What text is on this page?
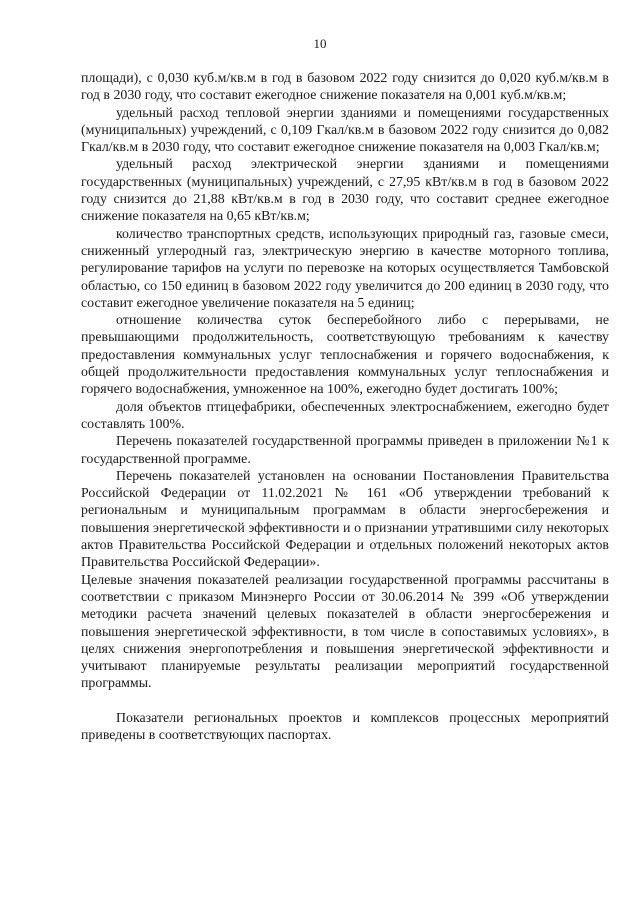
10

площади), с 0,030 куб.м/кв.м в год в базовом 2022 году снизится до 0,020 куб.м/кв.м в год в 2030 году, что составит ежегодное снижение показателя на 0,001 куб.м/кв.м;

удельный расход тепловой энергии зданиями и помещениями государственных (муниципальных) учреждений, с 0,109 Гкал/кв.м в базовом 2022 году снизится до 0,082 Гкал/кв.м в 2030 году, что составит ежегодное снижение показателя на 0,003 Гкал/кв.м;

удельный расход электрической энергии зданиями и помещениями государственных (муниципальных) учреждений, с 27,95 кВт/кв.м в год в базовом 2022 году снизится до 21,88 кВт/кв.м в год в 2030 году, что составит среднее ежегодное снижение показателя на 0,65 кВт/кв.м;

количество транспортных средств, использующих природный газ, газовые смеси, сниженный углеродный газ, электрическую энергию в качестве моторного топлива, регулирование тарифов на услуги по перевозке на которых осуществляется Тамбовской областью, со 150 единиц в базовом 2022 году увеличится до 200 единиц в 2030 году, что составит ежегодное увеличение показателя на 5 единиц;

отношение количества суток бесперебойного либо с перерывами, не превышающими продолжительность, соответствующую требованиям к качеству предоставления коммунальных услуг теплоснабжения и горячего водоснабжения, к общей продолжительности предоставления коммунальных услуг теплоснабжения и горячего водоснабжения, умноженное на 100%, ежегодно будет достигать 100%;

доля объектов птицефабрики, обеспеченных электроснабжением, ежегодно будет составлять 100%.

Перечень показателей государственной программы приведен в приложении №1 к государственной программе.

Перечень показателей установлен на основании Постановления Правительства Российской Федерации от 11.02.2021 № 161 «Об утверждении требований к региональным и муниципальным программам в области энергосбережения и повышения энергетической эффективности и о признании утратившими силу некоторых актов Правительства Российской Федерации и отдельных положений некоторых актов Правительства Российской Федерации».

Целевые значения показателей реализации государственной программы рассчитаны в соответствии с приказом Минэнерго России от 30.06.2014 № 399 «Об утверждении методики расчета значений целевых показателей в области энергосбережения и повышения энергетической эффективности, в том числе в сопоставимых условиях», в целях снижения энергопотребления и повышения энергетической эффективности и учитывают планируемые результаты реализации мероприятий государственной программы.

Показатели региональных проектов и комплексов процессных мероприятий приведены в соответствующих паспортах.
